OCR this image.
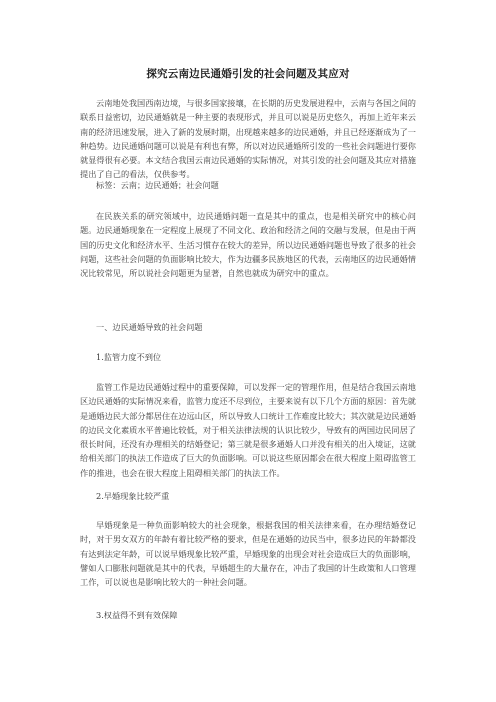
探究云南边民通婚引发的社会问题及其应对

云南地处我国西南边境，与很多国家接壤，在长期的历史发展进程中，云南与各国之间的联系日益密切，边民通婚就是一种主要的表现形式，并且可以说是历史悠久，再加上近年来云南的经济迅速发展，进入了新的发展时期，出现越来越多的边民通婚，并且已经逐渐成为了一种趋势。边民通婚问题可以说是有利也有弊，所以对边民通婚所引发的一些社会问题进行要你就显得很有必要。本文结合我国云南边民通婚的实际情况，对其引发的社会问题及其应对措施提出了自己的看法，仅供参考。

标签：云南；边民通婚；社会问题

在民族关系的研究领域中，边民通婚问题一直是其中的重点，也是相关研究中的核心问题。边民通婚现象在一定程度上展现了不同文化、政治和经济之间的交融与发展，但是由于两国的历史文化和经济水平、生活习惯存在较大的差异，所以边民通婚问题也导致了很多的社会问题，这些社会问题的负面影响比较大，作为边疆多民族地区的代表，云南地区的边民通婚情况比较常见，所以说社会问题更为显著，自然也就成为研究中的重点。

一、边民通婚导致的社会问题

1.监管力度不到位

监管工作是边民通婚过程中的重要保障，可以发挥一定的管理作用，但是结合我国云南地区边民通婚的实际情况来看，监管力度还不尽到位，主要来说有以下几个方面的原因：首先就是通婚边民大部分都居住在边远山区，所以导致人口统计工作难度比较大；其次就是边民通婚的边民文化素质水平普遍比较低，对于相关法律法规的认识比较少，导致有的两国边民同居了很长时间，还没有办理相关的结婚登记；第三就是很多通婚人口并没有相关的出入境证，这就给相关部门的执法工作造成了巨大的负面影响。可以说这些原因都会在很大程度上阻碍监管工作的推进，也会在很大程度上阻碍相关部门的执法工作。

2.早婚现象比较严重

早婚现象是一种负面影响较大的社会现象，根据我国的相关法律来看，在办理结婚登记时，对于男女双方的年龄有着比较严格的要求，但是在通婚的边民当中，很多边民的年龄都没有达到法定年龄，可以说早婚现象比较严重，早婚现象的出现会对社会造成巨大的负面影响，譬如人口膨胀问题就是其中的代表，早婚超生的大量存在，冲击了我国的计生政策和人口管理工作，可以说也是影响比较大的一种社会问题。

3.权益得不到有效保障
